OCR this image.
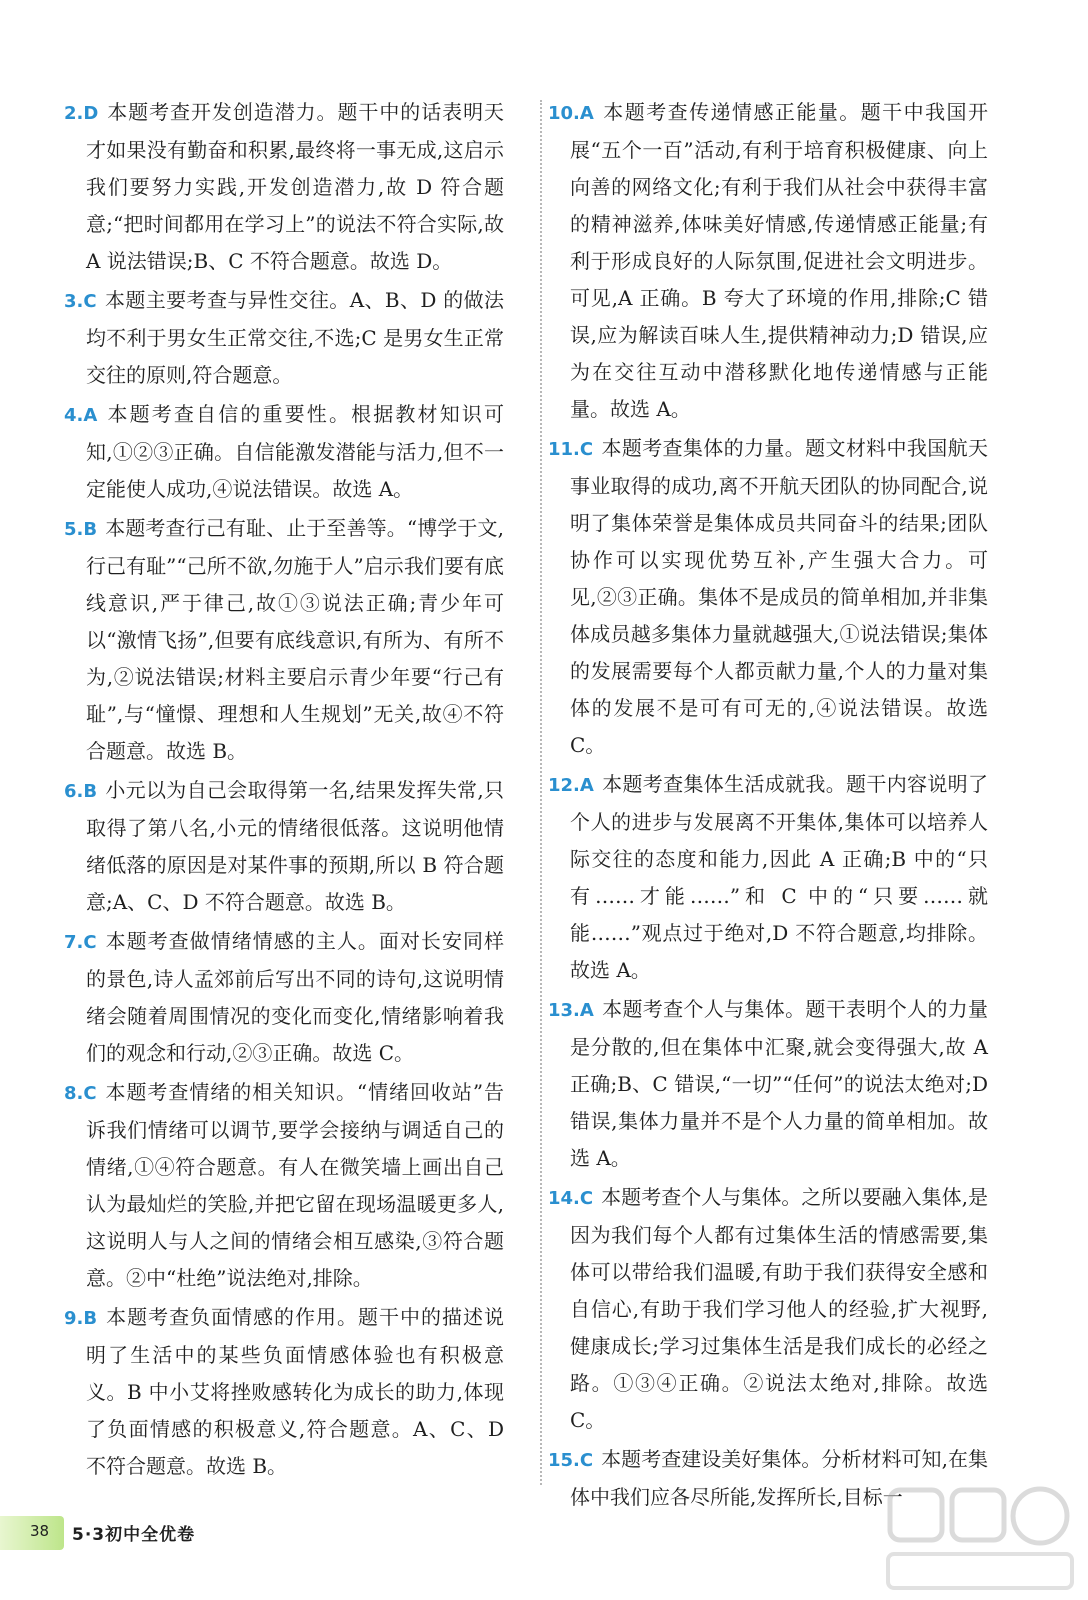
2.D 本题考查开发创造潜力。题干中的话表明天才如果没有勤奋和积累,最终将一事无成,这启示我们要努力实践,开发创造潜力,故 D 符合题意;“把时间都用在学习上”的说法不符合实际,故 A 说法错误;B、C 不符合题意。故选 D。

3.C 本题主要考查与异性交往。A、B、D 的做法均不利于男女生正常交往,不选;C 是男女生正常交往的原则,符合题意。

4.A 本题考查自信的重要性。根据教材知识可知,①②③正确。自信能激发潜能与活力,但不一定能使人成功,④说法错误。故选 A。

5.B 本题考查行己有耻、止于至善等。“博学于文,行己有耻”“己所不欲,勿施于人”启示我们要有底线意识,严于律己,故①③说法正确;青少年可以“激情飞扬”,但要有底线意识,有所为、有所不为,②说法错误;材料主要启示青少年要“行己有耻”,与“憧憬、理想和人生规划”无关,故④不符合题意。故选 B。

6.B 小元以为自己会取得第一名,结果发挥失常,只取得了第八名,小元的情绪很低落。这说明他情绪低落的原因是对某件事的预期,所以 B 符合题意;A、C、D 不符合题意。故选 B。

7.C 本题考查做情绪情感的主人。面对长安同样的景色,诗人孟郊前后写出不同的诗句,这说明情绪会随着周围情况的变化而变化,情绪影响着我们的观念和行动,②③正确。故选 C。

8.C 本题考查情绪的相关知识。“情绪回收站”告诉我们情绪可以调节,要学会接纳与调适自己的情绪,①④符合题意。有人在微笑墙上画出自己认为最灿烂的笑脸,并把它留在现场温暖更多人,这说明人与人之间的情绪会相互感染,③符合题意。②中“杜绝”说法绝对,排除。

9.B 本题考查负面情感的作用。题干中的描述说明了生活中的某些负面情感体验也有积极意义。B 中小艾将挫败感转化为成长的助力,体现了负面情感的积极意义,符合题意。A、C、D 不符合题意。故选 B。

10.A 本题考查传递情感正能量。题干中我国开展“五个一百”活动,有利于培育积极健康、向上向善的网络文化;有利于我们从社会中获得丰富的精神滋养,体味美好情感,传递情感正能量;有利于形成良好的人际氛围,促进社会文明进步。可见,A 正确。B 夸大了环境的作用,排除;C 错误,应为解读百味人生,提供精神动力;D 错误,应为在交往互动中潜移默化地传递情感与正能量。故选 A。

11.C 本题考查集体的力量。题文材料中我国航天事业取得的成功,离不开航天团队的协同配合,说明了集体荣誉是集体成员共同奋斗的结果;团队协作可以实现优势互补,产生强大合力。可见,②③正确。集体不是成员的简单相加,并非集体成员越多集体力量就越强大,①说法错误;集体的发展需要每个人都贡献力量,个人的力量对集体的发展不是可有可无的,④说法错误。故选 C。

12.A 本题考查集体生活成就我。题干内容说明了个人的进步与发展离不开集体,集体可以培养人际交往的态度和能力,因此 A 正确;B 中的“只有……才能……”和 C 中的“只要……就能……”观点过于绝对,D 不符合题意,均排除。故选 A。

13.A 本题考查个人与集体。题干表明个人的力量是分散的,但在集体中汇聚,就会变得强大,故 A 正确;B、C 错误,“一切”“任何”的说法太绝对;D 错误,集体力量并不是个人力量的简单相加。故选 A。

14.C 本题考查个人与集体。之所以要融入集体,是因为我们每个人都有过集体生活的情感需要,集体可以带给我们温暖,有助于我们获得安全感和自信心,有助于我们学习他人的经验,扩大视野,健康成长;学习过集体生活是我们成长的必经之路。①③④正确。②说法太绝对,排除。故选 C。

15.C 本题考查建设美好集体。分析材料可知,在集体中我们应各尽所能,发挥所长,目标一

38 5·3初中全优卷
